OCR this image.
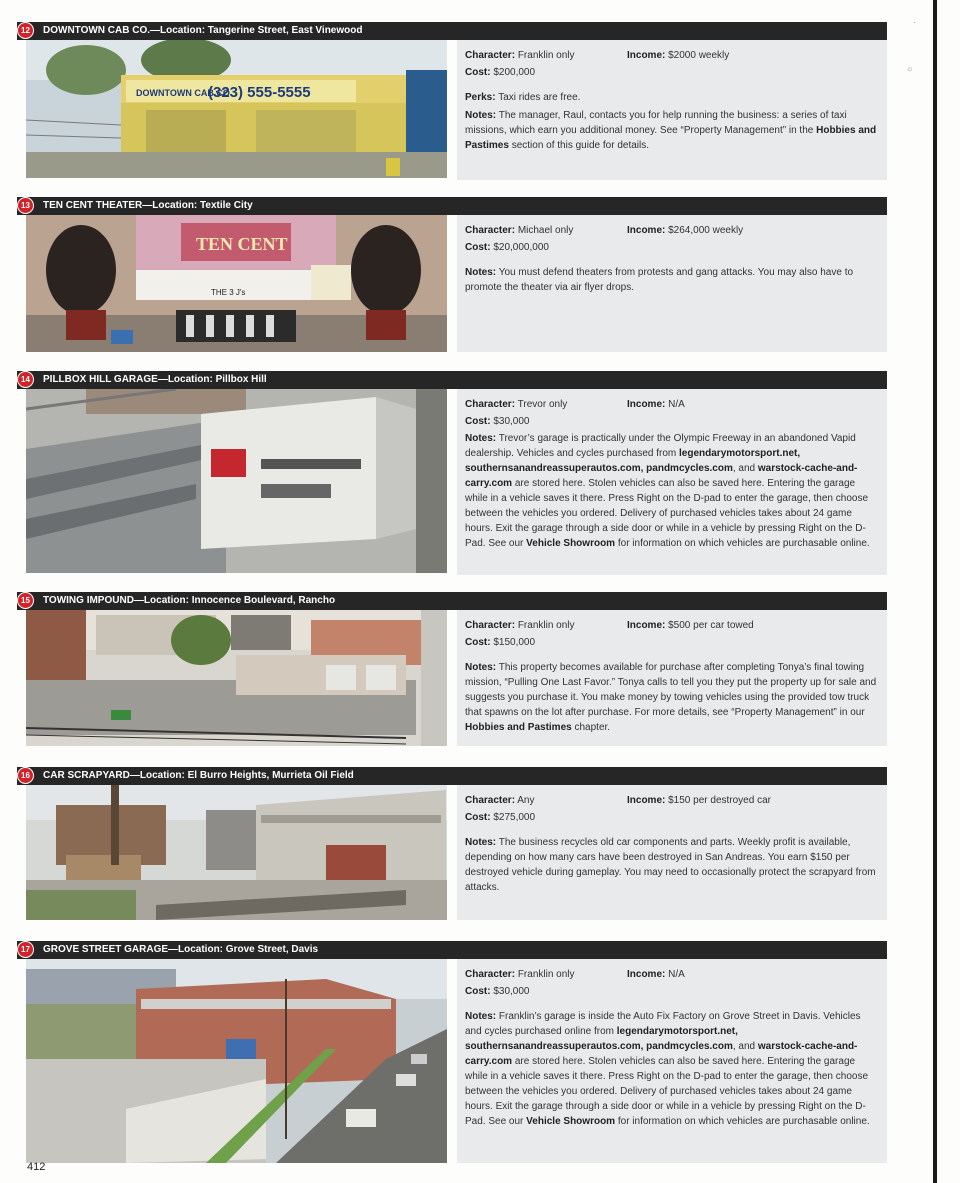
·
☼
DOWNTOWN CAB CO.—Location: Tangerine Street, East Vinewood
12
DOWNTOWN CAB CO
(323) 555-5555
Character: Franklin only	Income: $2000 weekly
Cost:
$200,000
Perks: Taxi rides are free.
Notes: The manager, Raul, contacts you for help running the business: a series of taxi missions, which earn you additional money. See “Property Management” in the Hobbies and Pastimes section of this guide for details.
TEN CENT THEATER—Location: Textile City
13
TEN CENT
THE 3 J's
Character: Michael only	Income: $264,000 weekly
Cost:
$20,000,000
Notes: You must defend theaters from protests and gang attacks. You may also have to promote the theater via air flyer drops.
PILLBOX HILL GARAGE—Location: Pillbox Hill
14
Character: Trevor only	Income: N/A
Cost:
$30,000
Notes: Trevor’s garage is practically under the Olympic Freeway in an abandoned Vapid dealership. Vehicles and cycles purchased from legendarymotorsport.net, southernsanandreassuperautos.com, pandmcycles.com, and warstock-cache-and-carry.com are stored here. Stolen vehicles can also be saved here. Entering the garage while in a vehicle saves it there. Press Right on the D-pad to enter the garage, then choose between the vehicles you ordered. Delivery of purchased vehicles takes about 24 game hours. Exit the garage through a side door or while in a vehicle by pressing Right on the D-Pad. See our Vehicle Showroom for information on which vehicles are purchasable online.
TOWING IMPOUND—Location: Innocence Boulevard, Rancho
15
Character: Franklin only	Income: $500 per car towed
Cost:
$150,000
Notes: This property becomes available for purchase after completing Tonya’s final towing mission, “Pulling One Last Favor.” Tonya calls to tell you they put the property up for sale and suggests you purchase it. You make money by towing vehicles using the provided tow truck that spawns on the lot after purchase. For more details, see “Property Management” in our Hobbies and Pastimes chapter.
CAR SCRAPYARD—Location: El Burro Heights, Murrieta Oil Field
16
Character: Any	Income: $150 per destroyed car
Cost:
$275,000
Notes: The business recycles old car components and parts. Weekly profit is available, depending on how many cars have been destroyed in San Andreas. You earn $150 per destroyed vehicle during gameplay. You may need to occasionally protect the scrapyard from attacks.
GROVE STREET GARAGE—Location: Grove Street, Davis
17
Character: Franklin only	Income: N/A
Cost:
$30,000
Notes: Franklin’s garage is inside the Auto Fix Factory on Grove Street in Davis. Vehicles and cycles purchased online from legendarymotorsport.net, southernsanandreassuperautos.com, pandmcycles.com, and warstock-cache-and-carry.com are stored here. Stolen vehicles can also be saved here. Entering the garage while in a vehicle saves it there. Press Right on the D-pad to enter the garage, then choose between the vehicles you ordered. Delivery of purchased vehicles takes about 24 game hours. Exit the garage through a side door or while in a vehicle by pressing Right on the D-Pad. See our Vehicle Showroom for information on which vehicles are purchasable online.
412
